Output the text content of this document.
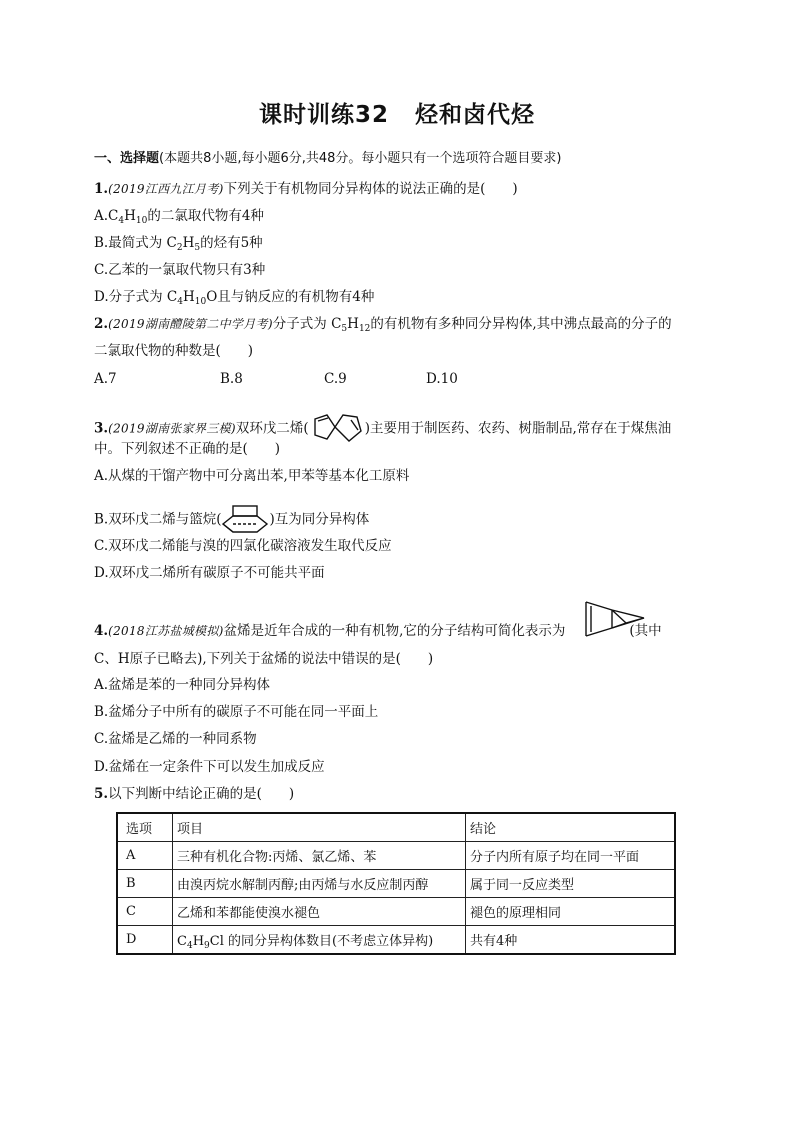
课时训练32 烃和卤代烃
一、选择题(本题共8小题,每小题6分,共48分。每小题只有一个选项符合题目要求)
1.(2019江西九江月考)下列关于有机物同分异构体的说法正确的是(　　)
$A.C_4H_{10}$的二氯取代物有4种
B.最简式为 $C_2H_5$的烃有5种
C.乙苯的一氯取代物只有3种
D.分子式为 $C_4H_{10}O$且与钠反应的有机物有4种
2.(2019湖南醴陵第二中学月考)分子式为 $C_5H_{12}$的有机物有多种同分异构体,其中沸点最高的分子的
二氯取代物的种数是(　　)
A.7	B.8	C.9	D.10
3.(2019湖南张家界三模)双环戊二烯(	)主要用于制医药、农药、树脂制品,常存在于煤焦油
中。下列叙述不正确的是(　　)
A.从煤的干馏产物中可分离出苯,甲苯等基本化工原料
B.双环戊二烯与篮烷(	)互为同分异构体
C.双环戊二烯能与溴的四氯化碳溶液发生取代反应
D.双环戊二烯所有碳原子不可能共平面
4.(2018江苏盐城模拟)盆烯是近年合成的一种有机物,它的分子结构可简化表示为	(其中
C、H原子已略去),下列关于盆烯的说法中错误的是(　　)
A.盆烯是苯的一种同分异构体
B.盆烯分子中所有的碳原子不可能在同一平面上
C.盆烯是乙烯的一种同系物
D.盆烯在一定条件下可以发生加成反应
5.以下判断中结论正确的是(　　)
选项	项目	结论
A	三种有机化合物:丙烯、氯乙烯、苯	分子内所有原子均在同一平面
B	由溴丙烷水解制丙醇;由丙烯与水反应制丙醇	属于同一反应类型
C	乙烯和苯都能使溴水褪色	褪色的原理相同
D	$C_4H_9Cl$ 的同分异构体数目(不考虑立体异构)	共有4种
